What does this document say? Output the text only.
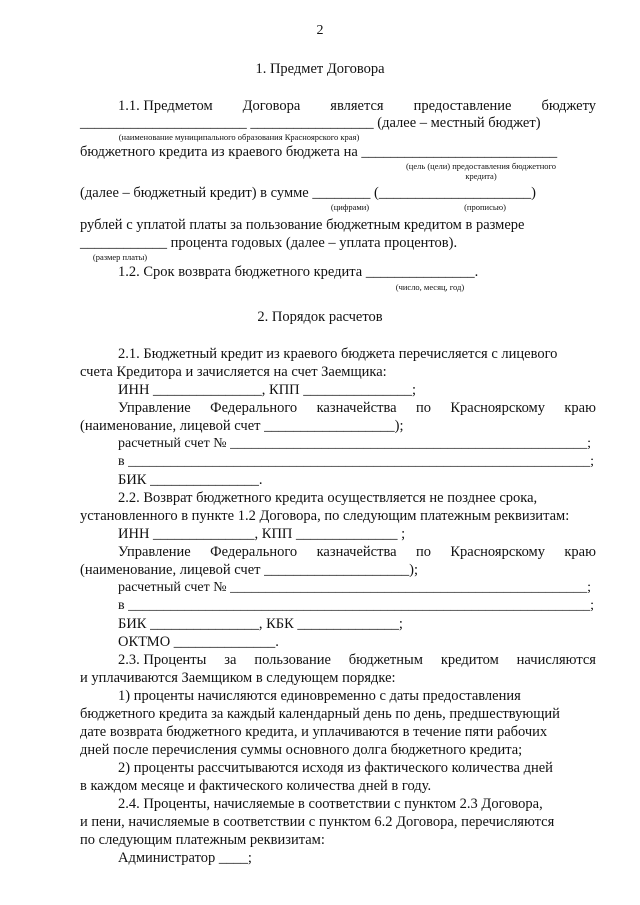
2
1. Предмет Договора
1.1. Предметом Договора является предоставление бюджету
_______________________ _________________ (далее – местный бюджет)
(наименование муниципального образования Красноярского края)
бюджетного кредита из краевого бюджета на ___________________________
(цель (цели) предоставления бюджетного
кредита)
(далее – бюджетный кредит) в сумме ________ (_____________________)
(цифрами)	(прописью)
рублей с уплатой платы за пользование бюджетным кредитом в размере
____________ процента годовых (далее – уплата процентов).
(размер платы)
1.2. Срок возврата бюджетного кредита _______________.
(число, месяц, год)
2. Порядок расчетов
2.1. Бюджетный кредит из краевого бюджета перечисляется с лицевого
счета Кредитора и зачисляется на счет Заемщика:
ИНН _______________, КПП _______________;
Управление Федерального казначейства по Красноярскому краю
(наименование, лицевой счет __________________);
расчетный счет № ___________________________________________________;
в __________________________________________________________________;
БИК _______________.
2.2. Возврат бюджетного кредита осуществляется не позднее срока,
установленного в пункте 1.2 Договора, по следующим платежным реквизитам:
ИНН ______________, КПП ______________ ;
Управление Федерального казначейства по Красноярскому краю
(наименование, лицевой счет ____________________);
расчетный счет № ___________________________________________________;
в __________________________________________________________________;
БИК _______________, КБК ______________;
ОКТМО ______________.
2.3. Проценты за пользование бюджетным кредитом начисляются
и уплачиваются Заемщиком в следующем порядке:
1) проценты начисляются единовременно с даты предоставления
бюджетного кредита за каждый календарный день по день, предшествующий
дате возврата бюджетного кредита, и уплачиваются в течение пяти рабочих
дней после перечисления суммы основного долга бюджетного кредита;
2) проценты рассчитываются исходя из фактического количества дней
в каждом месяце и фактического количества дней в году.
2.4. Проценты, начисляемые в соответствии с пунктом 2.3 Договора,
и пени, начисляемые в соответствии с пунктом 6.2 Договора, перечисляются
по следующим платежным реквизитам:
Администратор ____;
